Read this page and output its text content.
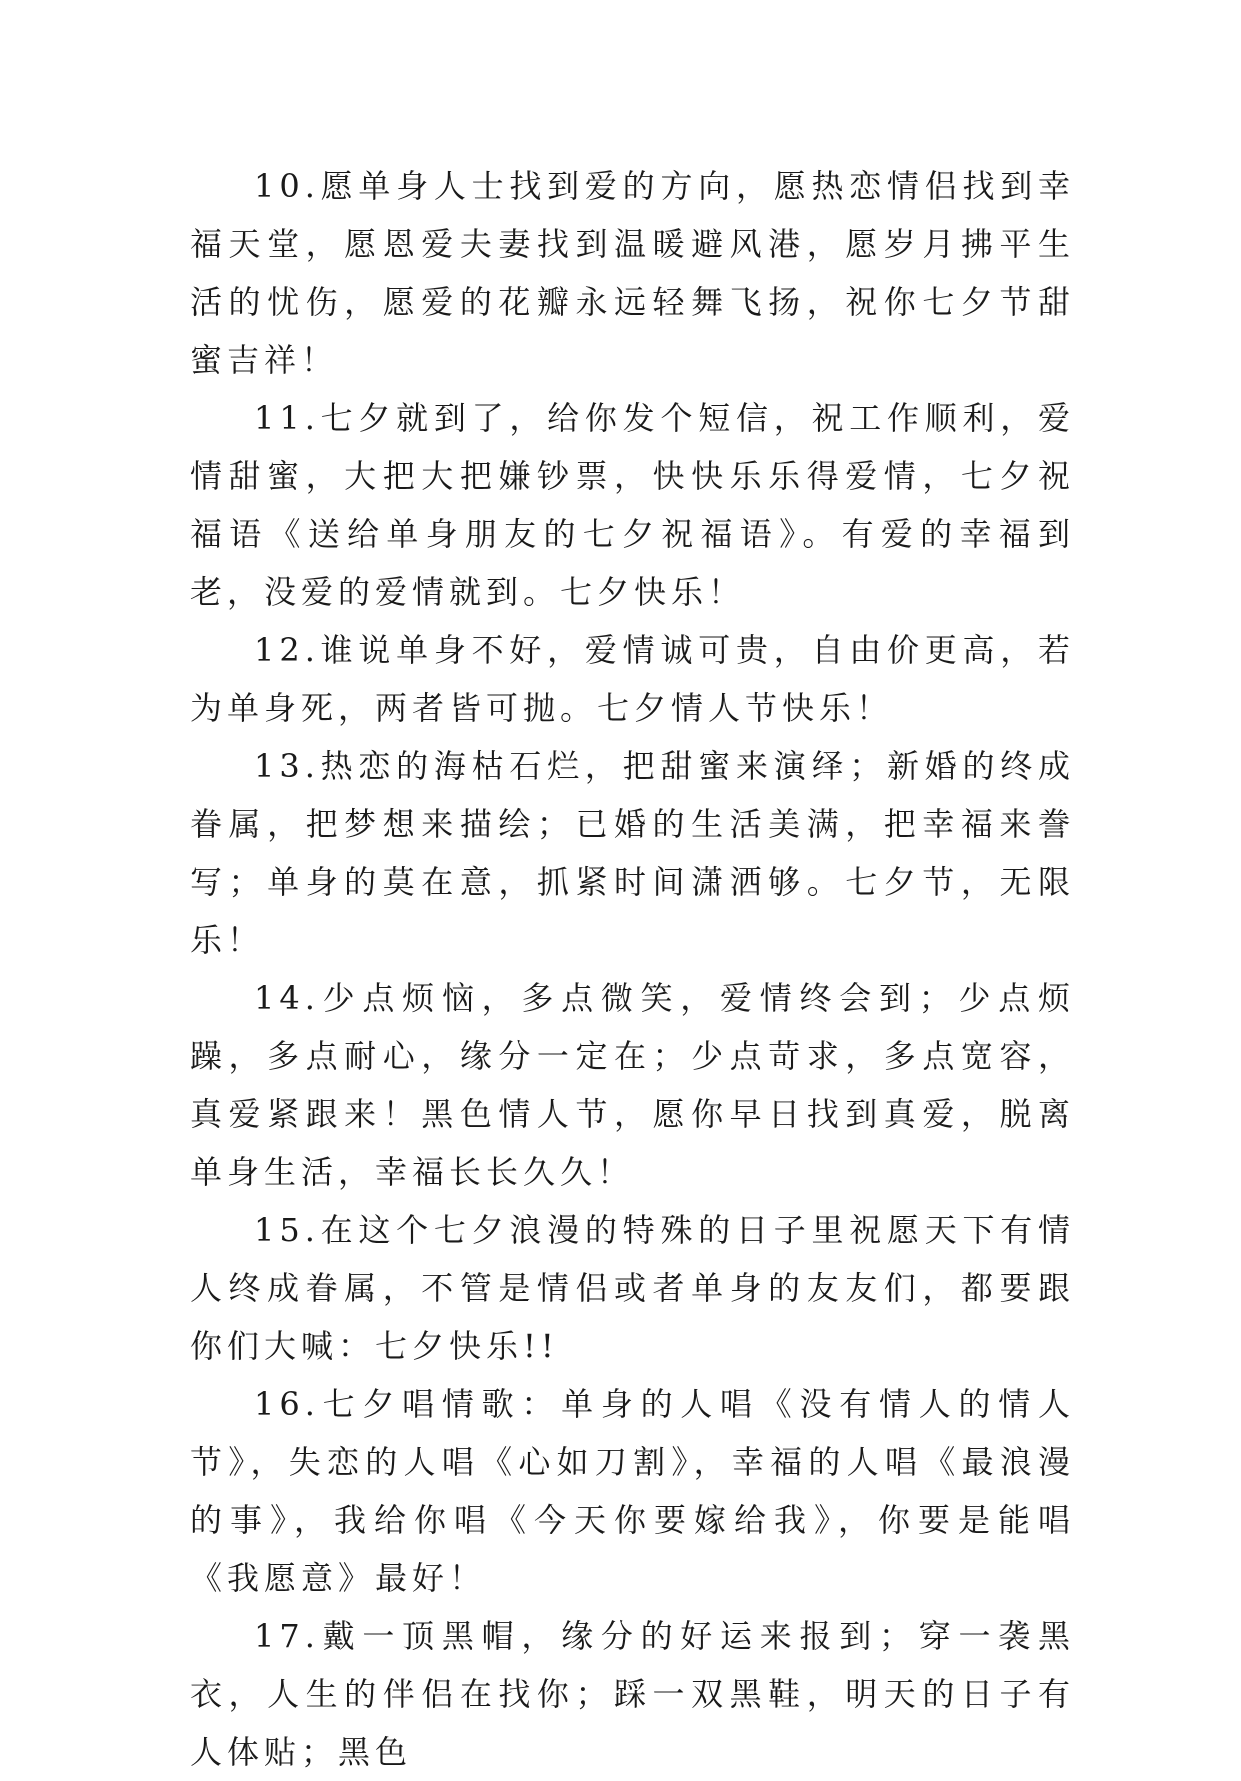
10.愿单身人士找到爱的方向，愿热恋情侣找到幸福天堂，愿恩爱夫妻找到温暖避风港，愿岁月拂平生活的忧伤，愿爱的花瓣永远轻舞飞扬，祝你七夕节甜蜜吉祥！

11.七夕就到了，给你发个短信，祝工作顺利，爱情甜蜜，大把大把嫌钞票，快快乐乐得爱情，七夕祝福语《送给单身朋友的七夕祝福语》。有爱的幸福到老，没爱的爱情就到。七夕快乐！

12.谁说单身不好，爱情诚可贵，自由价更高，若为单身死，两者皆可抛。七夕情人节快乐！

13.热恋的海枯石烂，把甜蜜来演绎；新婚的终成眷属，把梦想来描绘；已婚的生活美满，把幸福来誊写；单身的莫在意，抓紧时间潇洒够。七夕节，无限乐！

14.少点烦恼，多点微笑，爱情终会到；少点烦躁，多点耐心，缘分一定在；少点苛求，多点宽容，真爱紧跟来！黑色情人节，愿你早日找到真爱，脱离单身生活，幸福长长久久！

15.在这个七夕浪漫的特殊的日子里祝愿天下有情人终成眷属，不管是情侣或者单身的友友们，都要跟你们大喊：七夕快乐!!

16.七夕唱情歌：单身的人唱《没有情人的情人节》，失恋的人唱《心如刀割》，幸福的人唱《最浪漫的事》，我给你唱《今天你要嫁给我》，你要是能唱《我愿意》最好！

17.戴一顶黑帽，缘分的好运来报到；穿一袭黑衣，人生的伴侣在找你；踩一双黑鞋，明天的日子有人体贴；黑色
